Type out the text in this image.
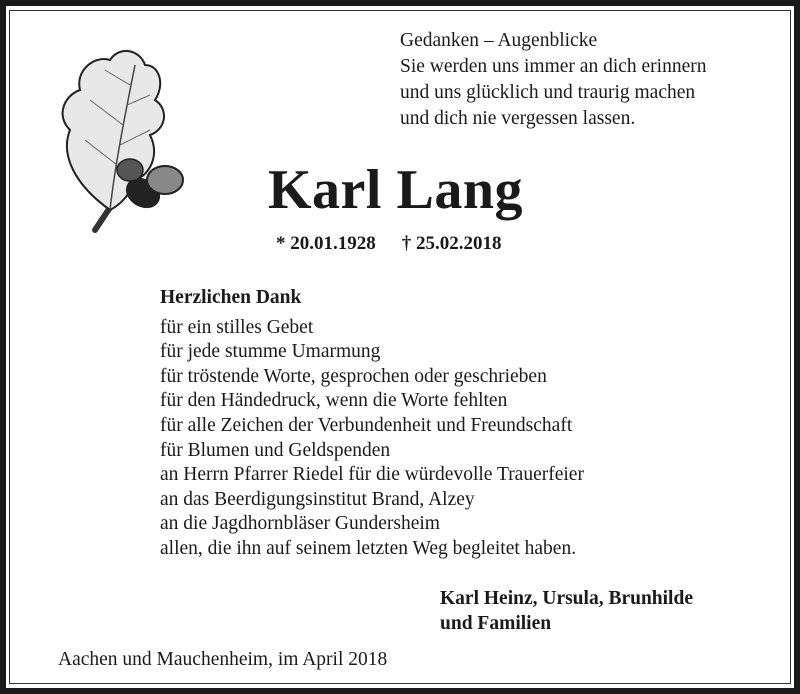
Gedanken – Augenblicke
Sie werden uns immer an dich erinnern
und uns glücklich und traurig machen
und dich nie vergessen lassen.
Karl Lang
* 20.01.1928 † 25.02.2018
Herzlichen Dank
für ein stilles Gebet
für jede stumme Umarmung
für tröstende Worte, gesprochen oder geschrieben
für den Händedruck, wenn die Worte fehlten
für alle Zeichen der Verbundenheit und Freundschaft
für Blumen und Geldspenden
an Herrn Pfarrer Riedel für die würdevolle Trauerfeier
an das Beerdigungsinstitut Brand, Alzey
an die Jagdhornbläser Gundersheim
allen, die ihn auf seinem letzten Weg begleitet haben.
Karl Heinz, Ursula, Brunhilde
und Familien
Aachen und Mauchenheim, im April 2018
